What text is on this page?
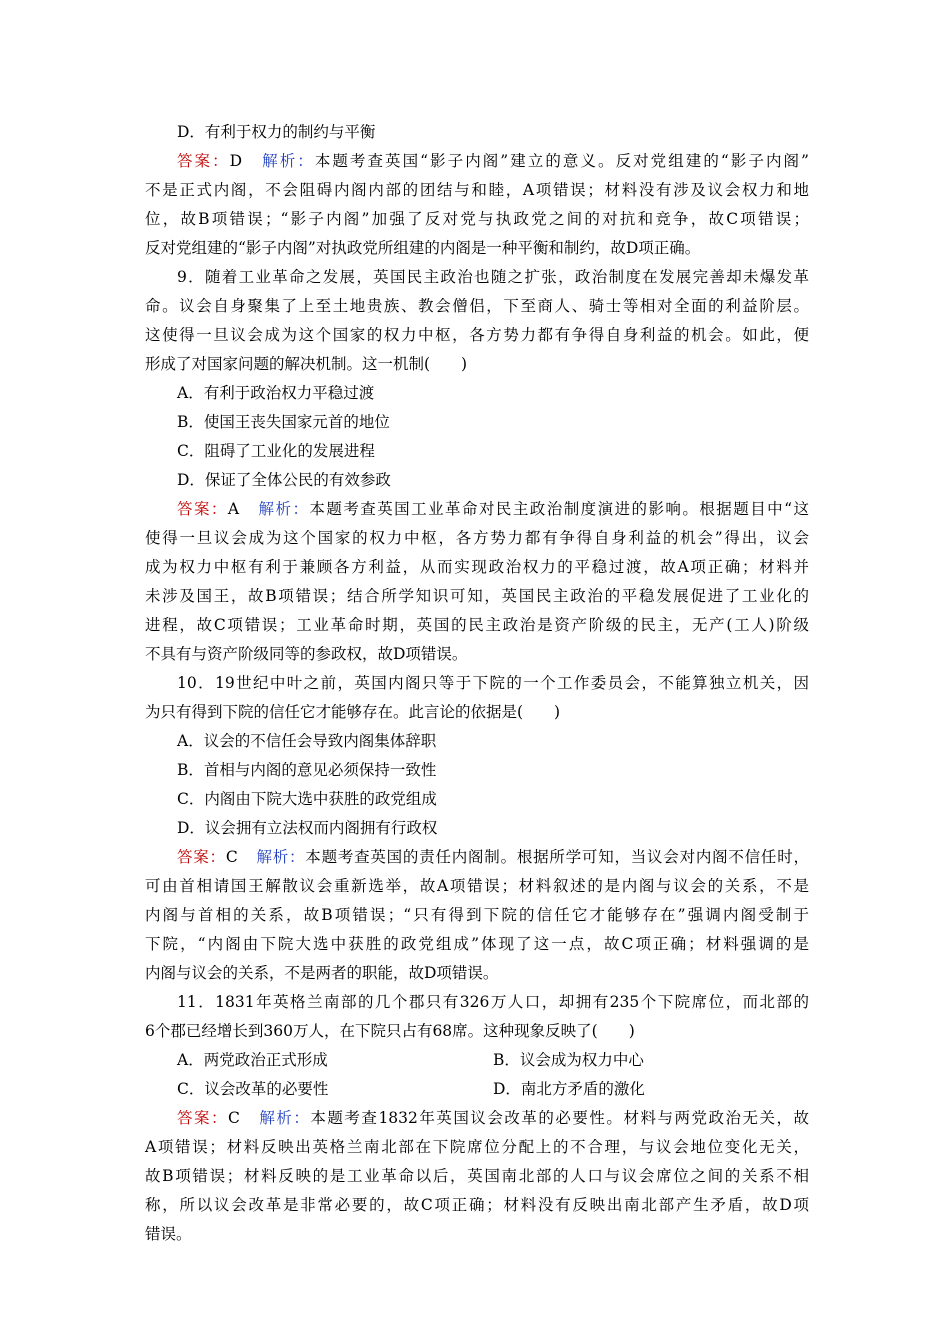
D．有利于权力的制约与平衡
答案：D 解析：本题考查英国“影子内阁”建立的意义。反对党组建的“影子内阁”
不是正式内阁，不会阻碍内阁内部的团结与和睦，A项错误；材料没有涉及议会权力和地
位，故B项错误；“影子内阁”加强了反对党与执政党之间的对抗和竞争，故C项错误；
反对党组建的“影子内阁”对执政党所组建的内阁是一种平衡和制约，故D项正确。
9．随着工业革命之发展，英国民主政治也随之扩张，政治制度在发展完善却未爆发革
命。议会自身聚集了上至土地贵族、教会僧侣，下至商人、骑士等相对全面的利益阶层。
这使得一旦议会成为这个国家的权力中枢，各方势力都有争得自身利益的机会。如此，便
形成了对国家问题的解决机制。这一机制(　　)
A．有利于政治权力平稳过渡
B．使国王丧失国家元首的地位
C．阻碍了工业化的发展进程
D．保证了全体公民的有效参政
答案：A 解析：本题考查英国工业革命对民主政治制度演进的影响。根据题目中“这
使得一旦议会成为这个国家的权力中枢，各方势力都有争得自身利益的机会”得出，议会
成为权力中枢有利于兼顾各方利益，从而实现政治权力的平稳过渡，故A项正确；材料并
未涉及国王，故B项错误；结合所学知识可知，英国民主政治的平稳发展促进了工业化的
进程，故C项错误；工业革命时期，英国的民主政治是资产阶级的民主，无产(工人)阶级
不具有与资产阶级同等的参政权，故D项错误。
10．19世纪中叶之前，英国内阁只等于下院的一个工作委员会，不能算独立机关，因
为只有得到下院的信任它才能够存在。此言论的依据是(　　)
A．议会的不信任会导致内阁集体辞职
B．首相与内阁的意见必须保持一致性
C．内阁由下院大选中获胜的政党组成
D．议会拥有立法权而内阁拥有行政权
答案：C 解析：本题考查英国的责任内阁制。根据所学可知，当议会对内阁不信任时，
可由首相请国王解散议会重新选举，故A项错误；材料叙述的是内阁与议会的关系，不是
内阁与首相的关系，故B项错误；“只有得到下院的信任它才能够存在”强调内阁受制于
下院，“内阁由下院大选中获胜的政党组成”体现了这一点，故C项正确；材料强调的是
内阁与议会的关系，不是两者的职能，故D项错误。
11．1831年英格兰南部的几个郡只有326万人口，却拥有235个下院席位，而北部的
6个郡已经增长到360万人，在下院只占有68席。这种现象反映了(　　)
A．两党政治正式形成	B．议会成为权力中心
C．议会改革的必要性	D．南北方矛盾的激化
答案：C 解析：本题考查1832年英国议会改革的必要性。材料与两党政治无关，故
A项错误；材料反映出英格兰南北部在下院席位分配上的不合理，与议会地位变化无关，
故B项错误；材料反映的是工业革命以后，英国南北部的人口与议会席位之间的关系不相
称，所以议会改革是非常必要的，故C项正确；材料没有反映出南北部产生矛盾，故D项
错误。
